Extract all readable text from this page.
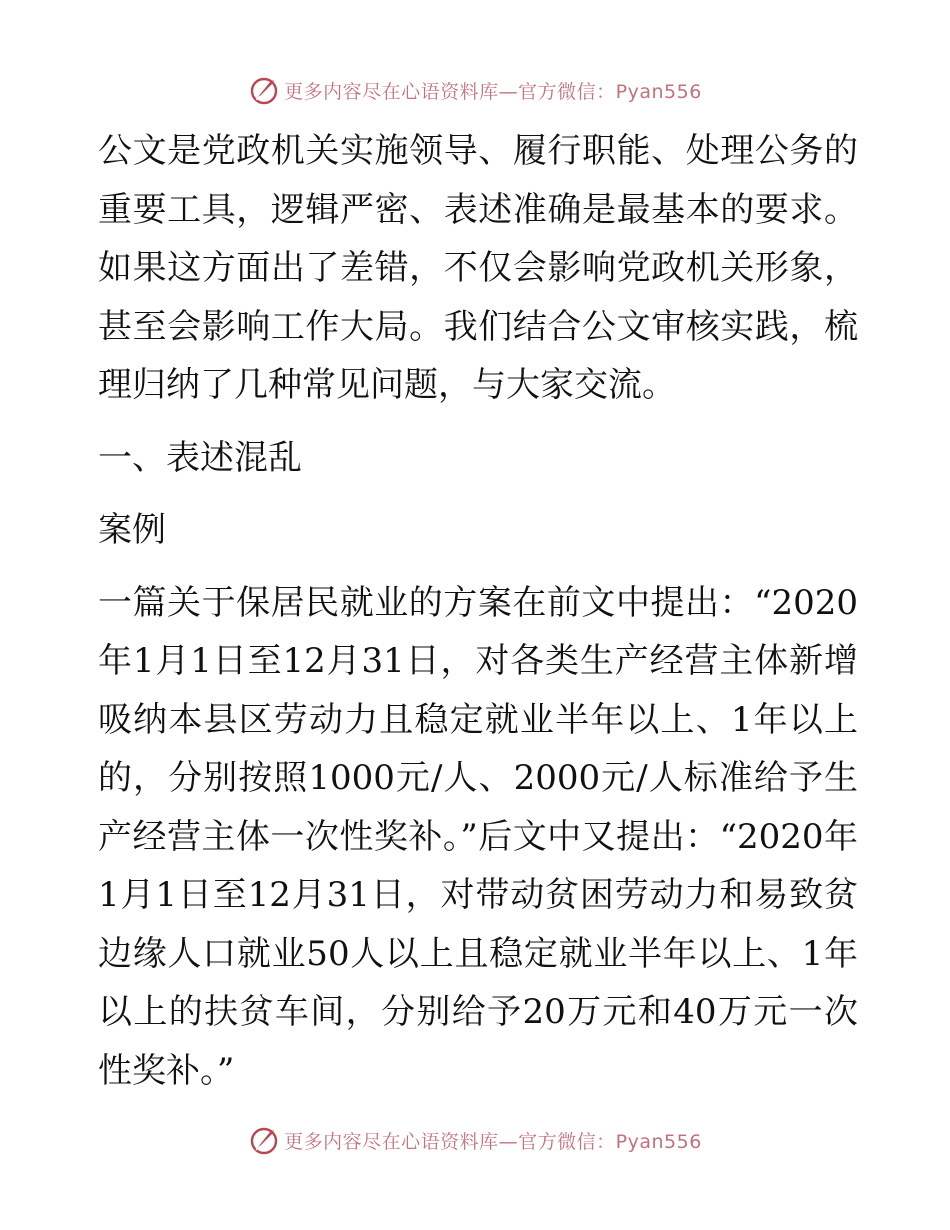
更多内容尽在心语资料库—官方微信：Pyan556

公文是党政机关实施领导、履行职能、处理公务的重要工具，逻辑严密、表述准确是最基本的要求。如果这方面出了差错，不仅会影响党政机关形象，甚至会影响工作大局。我们结合公文审核实践，梳理归纳了几种常见问题，与大家交流。

一、表述混乱

案例

一篇关于保居民就业的方案在前文中提出：“2020年1月1日至12月31日，对各类生产经营主体新增吸纳本县区劳动力且稳定就业半年以上、1年以上的，分别按照1000元/人、2000元/人标准给予生产经营主体一次性奖补。”后文中又提出：“2020年1月1日至12月31日，对带动贫困劳动力和易致贫边缘人口就业50人以上且稳定就业半年以上、1年以上的扶贫车间，分别给予20万元和40万元一次性奖补。”

更多内容尽在心语资料库—官方微信：Pyan556
